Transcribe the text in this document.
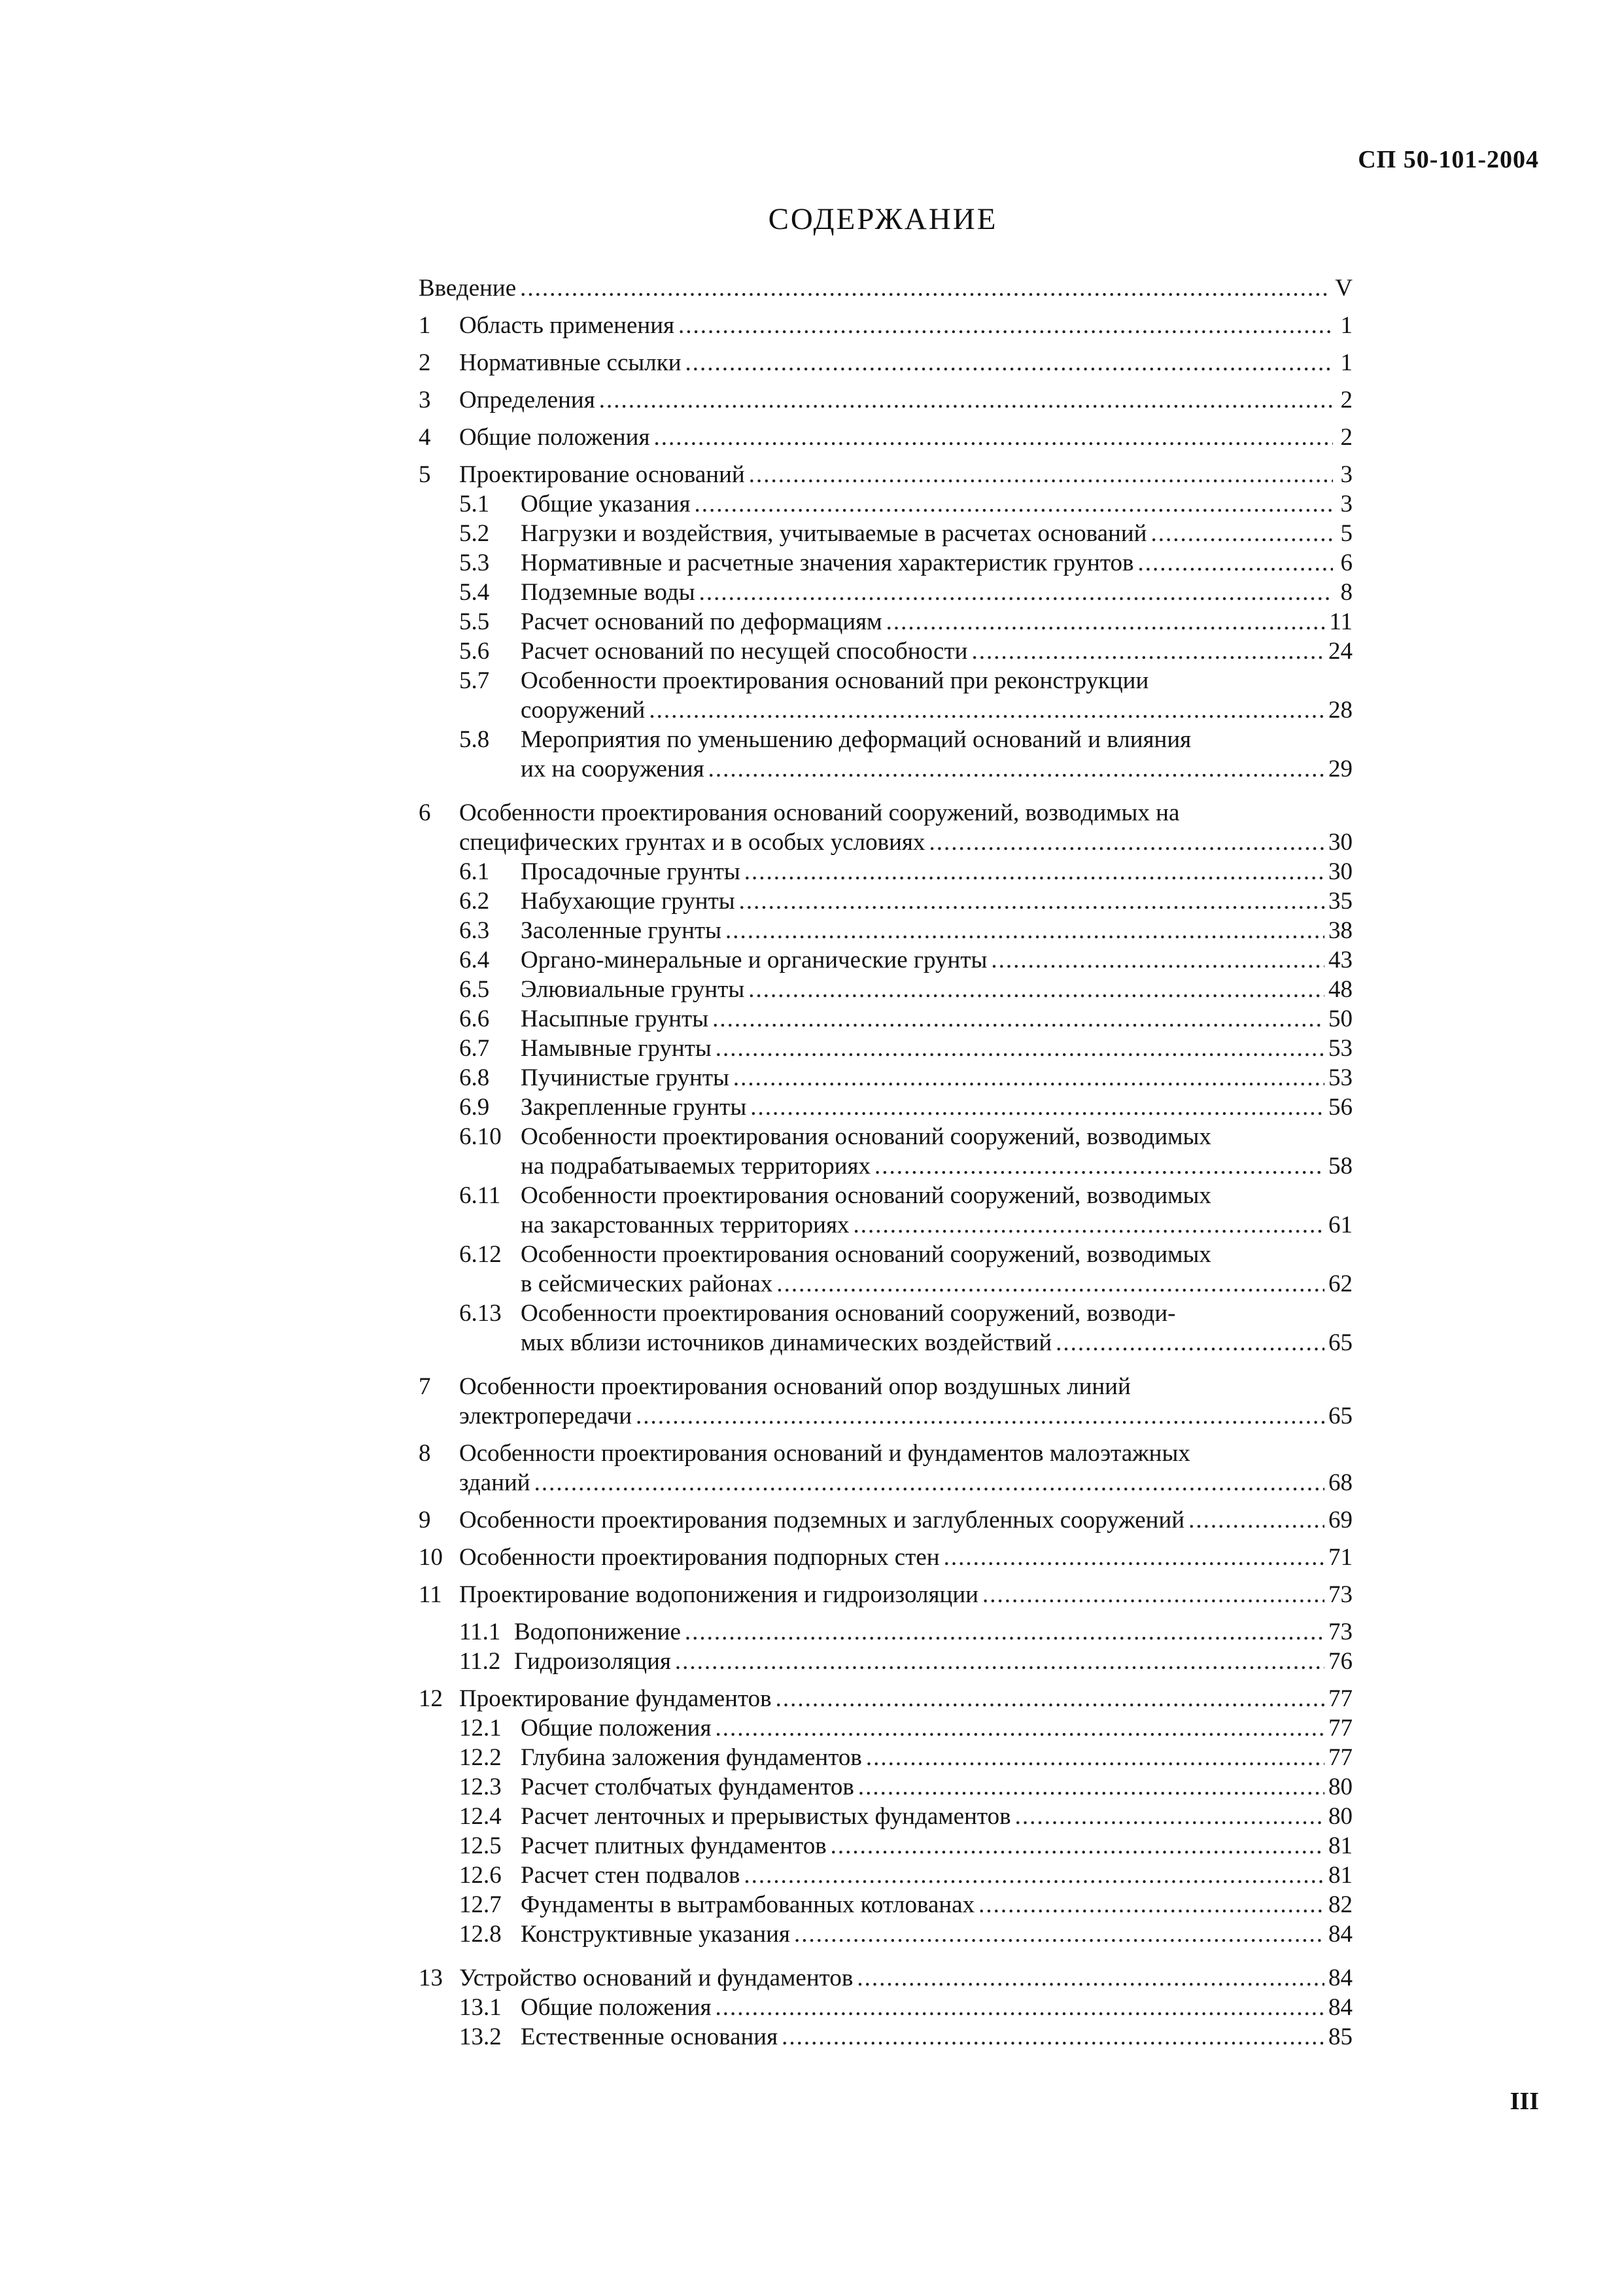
СП 50-101-2004
СОДЕРЖАНИЕ
Введение .....	V
1 Область применения .....	1
2 Нормативные ссылки .....	1
3 Определения .....	2
4 Общие положения .....	2
5 Проектирование оснований .....	3
5.1 Общие указания .....	3
5.2 Нагрузки и воздействия, учитываемые в расчетах оснований .....	5
5.3 Нормативные и расчетные значения характеристик грунтов .....	6
5.4 Подземные воды .....	8
5.5 Расчет оснований по деформациям .....	11
5.6 Расчет оснований по несущей способности .....	24
5.7 Особенности проектирования оснований при реконструкции
сооружений .....	28
5.8 Мероприятия по уменьшению деформаций оснований и влияния
их на сооружения .....	29
6 Особенности проектирования оснований сооружений, возводимых на
специфических грунтах и в особых условиях .....	30
6.1 Просадочные грунты .....	30
6.2 Набухающие грунты .....	35
6.3 Засоленные грунты .....	38
6.4 Органо-минеральные и органические грунты .....	43
6.5 Элювиальные грунты .....	48
6.6 Насыпные грунты .....	50
6.7 Намывные грунты .....	53
6.8 Пучинистые грунты .....	53
6.9 Закрепленные грунты .....	56
6.10 Особенности проектирования оснований сооружений, возводимых
на подрабатываемых территориях .....	58
6.11 Особенности проектирования оснований сооружений, возводимых
на закарстованных территориях .....	61
6.12 Особенности проектирования оснований сооружений, возводимых
в сейсмических районах .....	62
6.13 Особенности проектирования оснований сооружений, возводи-
мых вблизи источников динамических воздействий .....	65
7 Особенности проектирования оснований опор воздушных линий
электропередачи .....	65
8 Особенности проектирования оснований и фундаментов малоэтажных
зданий .....	68
9 Особенности проектирования подземных и заглубленных сооружений .....	69
10 Особенности проектирования подпорных стен .....	71
11 Проектирование водопонижения и гидроизоляции .....	73
11.1 Водопонижение .....	73
11.2 Гидроизоляция .....	76
12 Проектирование фундаментов .....	77
12.1 Общие положения .....	77
12.2 Глубина заложения фундаментов .....	77
12.3 Расчет столбчатых фундаментов .....	80
12.4 Расчет ленточных и прерывистых фундаментов .....	80
12.5 Расчет плитных фундаментов .....	81
12.6 Расчет стен подвалов .....	81
12.7 Фундаменты в вытрамбованных котлованах .....	82
12.8 Конструктивные указания .....	84
13 Устройство оснований и фундаментов .....	84
13.1 Общие положения .....	84
13.2 Естественные основания .....	85
III
